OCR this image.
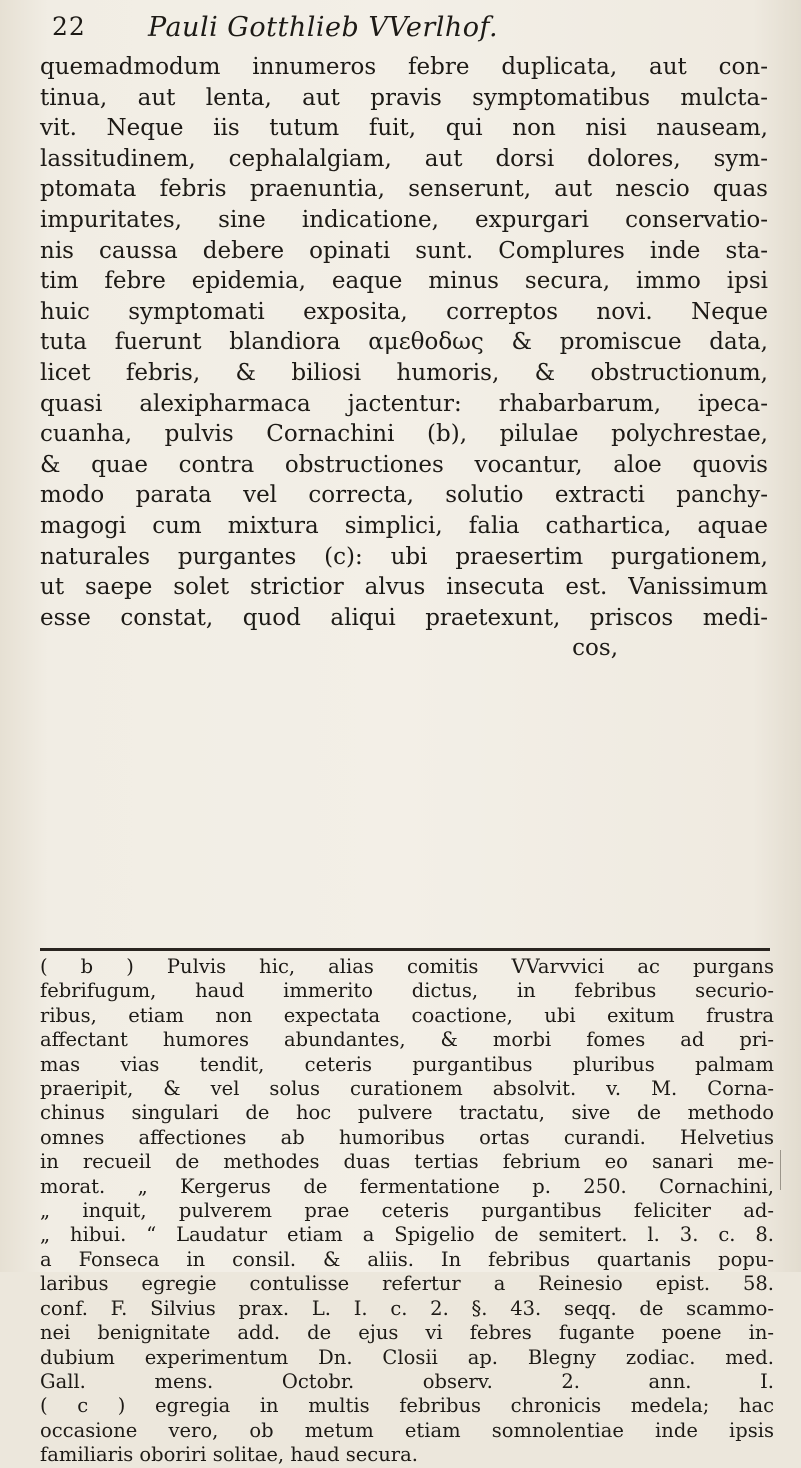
22 Pauli Gotthlieb VVerlhof.
quemadmodum innumeros febre duplicata, aut con-
tinua, aut lenta, aut pravis symptomatibus mulcta-
vit. Neque iis tutum fuit, qui non nisi nauseam,
lassitudinem, cephalalgiam, aut dorsi dolores, sym-
ptomata febris praenuntia, senserunt, aut nescio quas
impuritates, sine indicatione, expurgari conservatio-
nis caussa debere opinati sunt. Complures inde sta-
tim febre epidemia, eaque minus secura, immo ipsi
huic symptomati exposita, correptos novi. Neque
tuta fuerunt blandiora αμεθοδως & promiscue data,
licet febris, & biliosi humoris, & obstructionum,
quasi alexipharmaca jactentur: rhabarbarum, ipeca-
cuanha, pulvis Cornachini (b), pilulae polychrestae,
& quae contra obstructiones vocantur, aloe quovis
modo parata vel correcta, solutio extracti panchy-
magogi cum mixtura simplici, falia cathartica, aquae
naturales purgantes (c): ubi praesertim purgationem,
ut saepe solet strictior alvus insecuta est. Vanissimum
esse constat, quod aliqui praetexunt, priscos medi-
cos,
( b ) Pulvis hic, alias comitis VVarvvici ac purgans
febrifugum, haud immerito dictus, in febribus securio-
ribus, etiam non expectata coactione, ubi exitum frustra
affectant humores abundantes, & morbi fomes ad pri-
mas vias tendit, ceteris purgantibus pluribus palmam
praeripit, & vel solus curationem absolvit. v. M. Corna-
chinus singulari de hoc pulvere tractatu, sive de methodo
omnes affectiones ab humoribus ortas curandi. Helvetius
in recueil de methodes duas tertias febrium eo sanari me-
morat. „ Kergerus de fermentatione p. 250. Cornachini,
„ inquit, pulverem prae ceteris purgantibus feliciter ad-
„ hibui. “ Laudatur etiam a Spigelio de semitert. l. 3. c. 8.
a Fonseca in consil. & aliis. In febribus quartanis popu-
laribus egregie contulisse refertur a Reinesio epist. 58.
conf. F. Silvius prax. L. I. c. 2. §. 43. seqq. de scammo-
nei benignitate add. de ejus vi febres fugante poene in-
dubium experimentum Dn. Closii ap. Blegny zodiac. med.
Gall. mens. Octobr. observ. 2. ann. I.
( c ) egregia in multis febribus chronicis medela; hac
occasione vero, ob metum etiam somnolentiae inde ipsis
familiaris oboriri solitae, haud secura.
